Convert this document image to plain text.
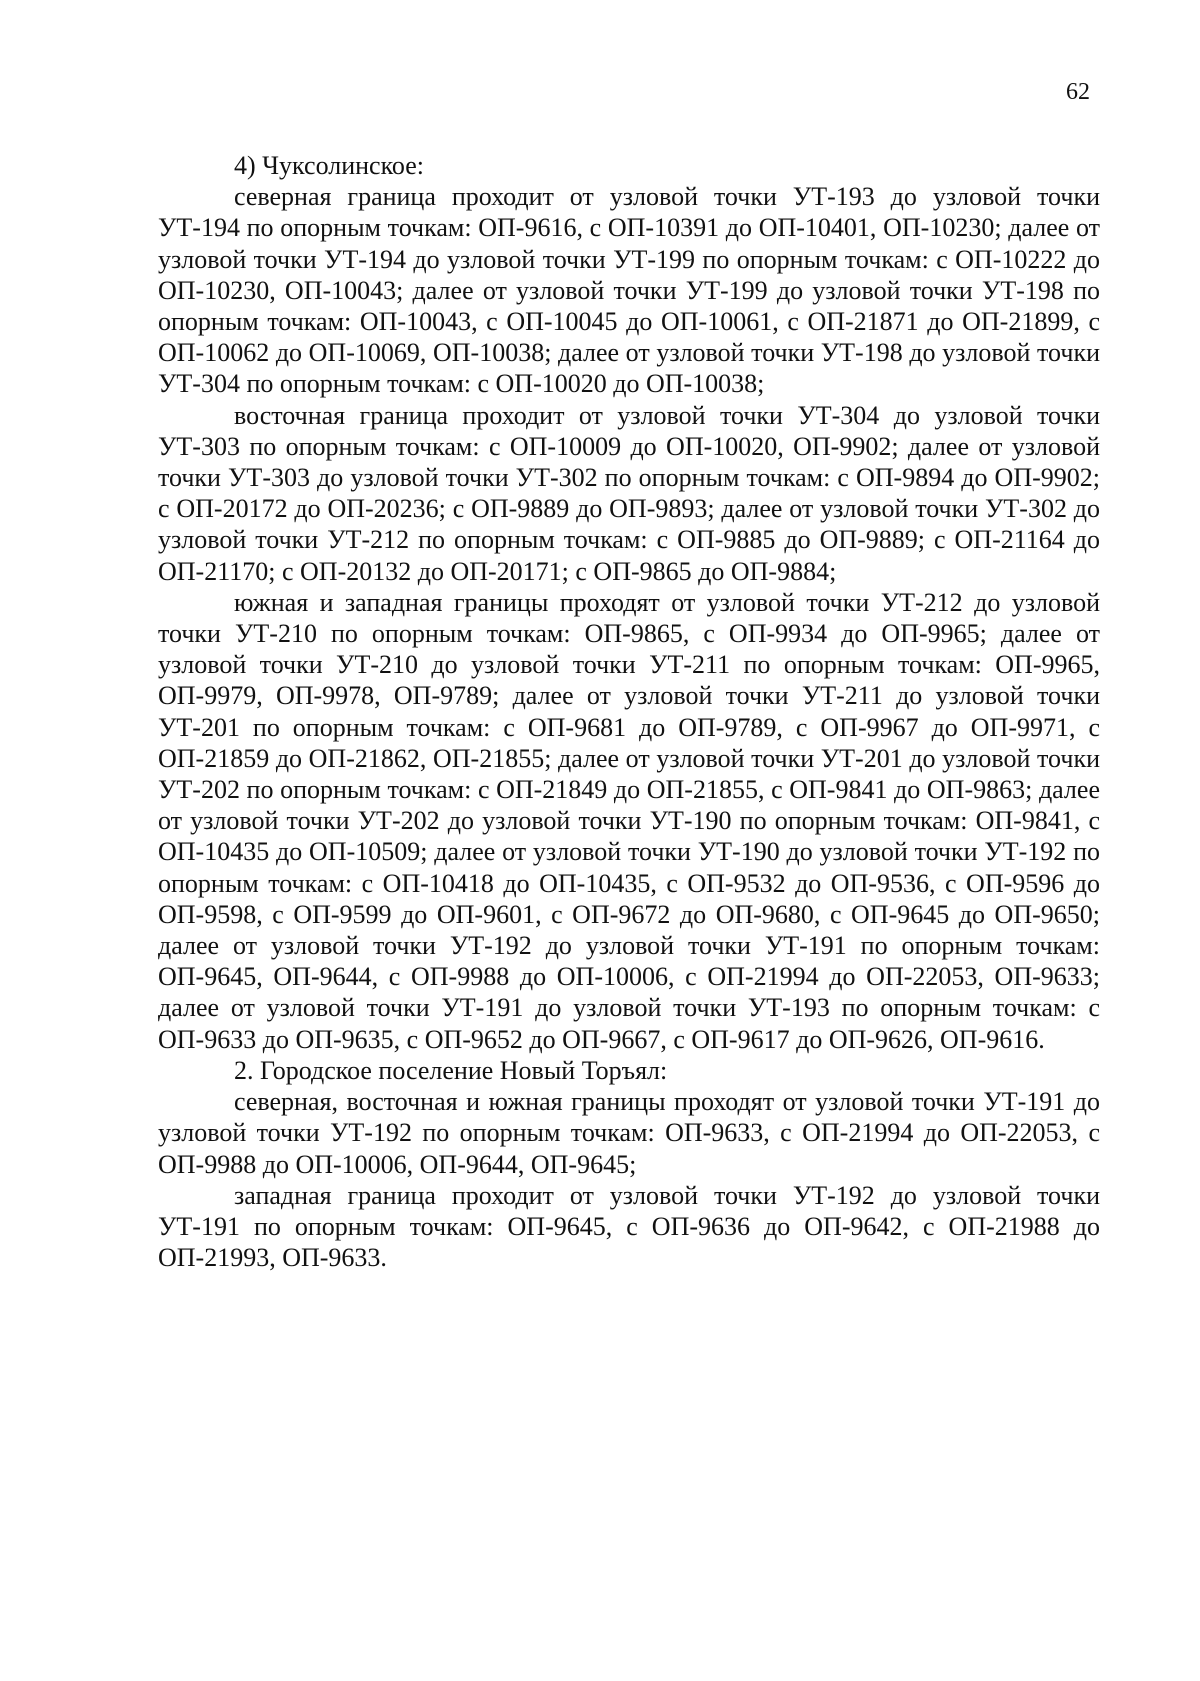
62

4) Чуксолинское:

северная граница проходит от узловой точки УТ-193 до узловой точки УТ-194 по опорным точкам: ОП-9616, с ОП-10391 до ОП-10401, ОП-10230; далее от узловой точки УТ-194 до узловой точки УТ-199 по опорным точкам: с ОП-10222 до ОП-10230, ОП-10043; далее от узловой точки УТ-199 до узловой точки УТ-198 по опорным точкам: ОП-10043, с ОП-10045 до ОП-10061, с ОП-21871 до ОП-21899, с ОП-10062 до ОП-10069, ОП-10038; далее от узловой точки УТ-198 до узловой точки УТ-304 по опорным точкам: с ОП-10020 до ОП-10038;

восточная граница проходит от узловой точки УТ-304 до узловой точки УТ-303 по опорным точкам: с ОП-10009 до ОП-10020, ОП-9902; далее от узловой точки УТ-303 до узловой точки УТ-302 по опорным точкам: с ОП-9894 до ОП-9902; с ОП-20172 до ОП-20236; с ОП-9889 до ОП-9893; далее от узловой точки УТ-302 до узловой точки УТ-212 по опорным точкам: с ОП-9885 до ОП-9889; с ОП-21164 до ОП-21170; с ОП-20132 до ОП-20171; с ОП-9865 до ОП-9884;

южная и западная границы проходят от узловой точки УТ-212 до узловой точки УТ-210 по опорным точкам: ОП-9865, с ОП-9934 до ОП-9965; далее от узловой точки УТ-210 до узловой точки УТ-211 по опорным точкам: ОП-9965, ОП-9979, ОП-9978, ОП-9789; далее от узловой точки УТ-211 до узловой точки УТ-201 по опорным точкам: с ОП-9681 до ОП-9789, с ОП-9967 до ОП-9971, с ОП-21859 до ОП-21862, ОП-21855; далее от узловой точки УТ-201 до узловой точки УТ-202 по опорным точкам: с ОП-21849 до ОП-21855, с ОП-9841 до ОП-9863; далее от узловой точки УТ-202 до узловой точки УТ-190 по опорным точкам: ОП-9841, с ОП-10435 до ОП-10509; далее от узловой точки УТ-190 до узловой точки УТ-192 по опорным точкам: с ОП-10418 до ОП-10435, с ОП-9532 до ОП-9536, с ОП-9596 до ОП-9598, с ОП-9599 до ОП-9601, с ОП-9672 до ОП-9680, с ОП-9645 до ОП-9650; далее от узловой точки УТ-192 до узловой точки УТ-191 по опорным точкам: ОП-9645, ОП-9644, с ОП-9988 до ОП-10006, с ОП-21994 до ОП-22053, ОП-9633; далее от узловой точки УТ-191 до узловой точки УТ-193 по опорным точкам: с ОП-9633 до ОП-9635, с ОП-9652 до ОП-9667, с ОП-9617 до ОП-9626, ОП-9616.

2. Городское поселение Новый Торъял:

северная, восточная и южная границы проходят от узловой точки УТ-191 до узловой точки УТ-192 по опорным точкам: ОП-9633, с ОП-21994 до ОП-22053, с ОП-9988 до ОП-10006, ОП-9644, ОП-9645;

западная граница проходит от узловой точки УТ-192 до узловой точки УТ-191 по опорным точкам: ОП-9645, с ОП-9636 до ОП-9642, с ОП-21988 до ОП-21993, ОП-9633.
